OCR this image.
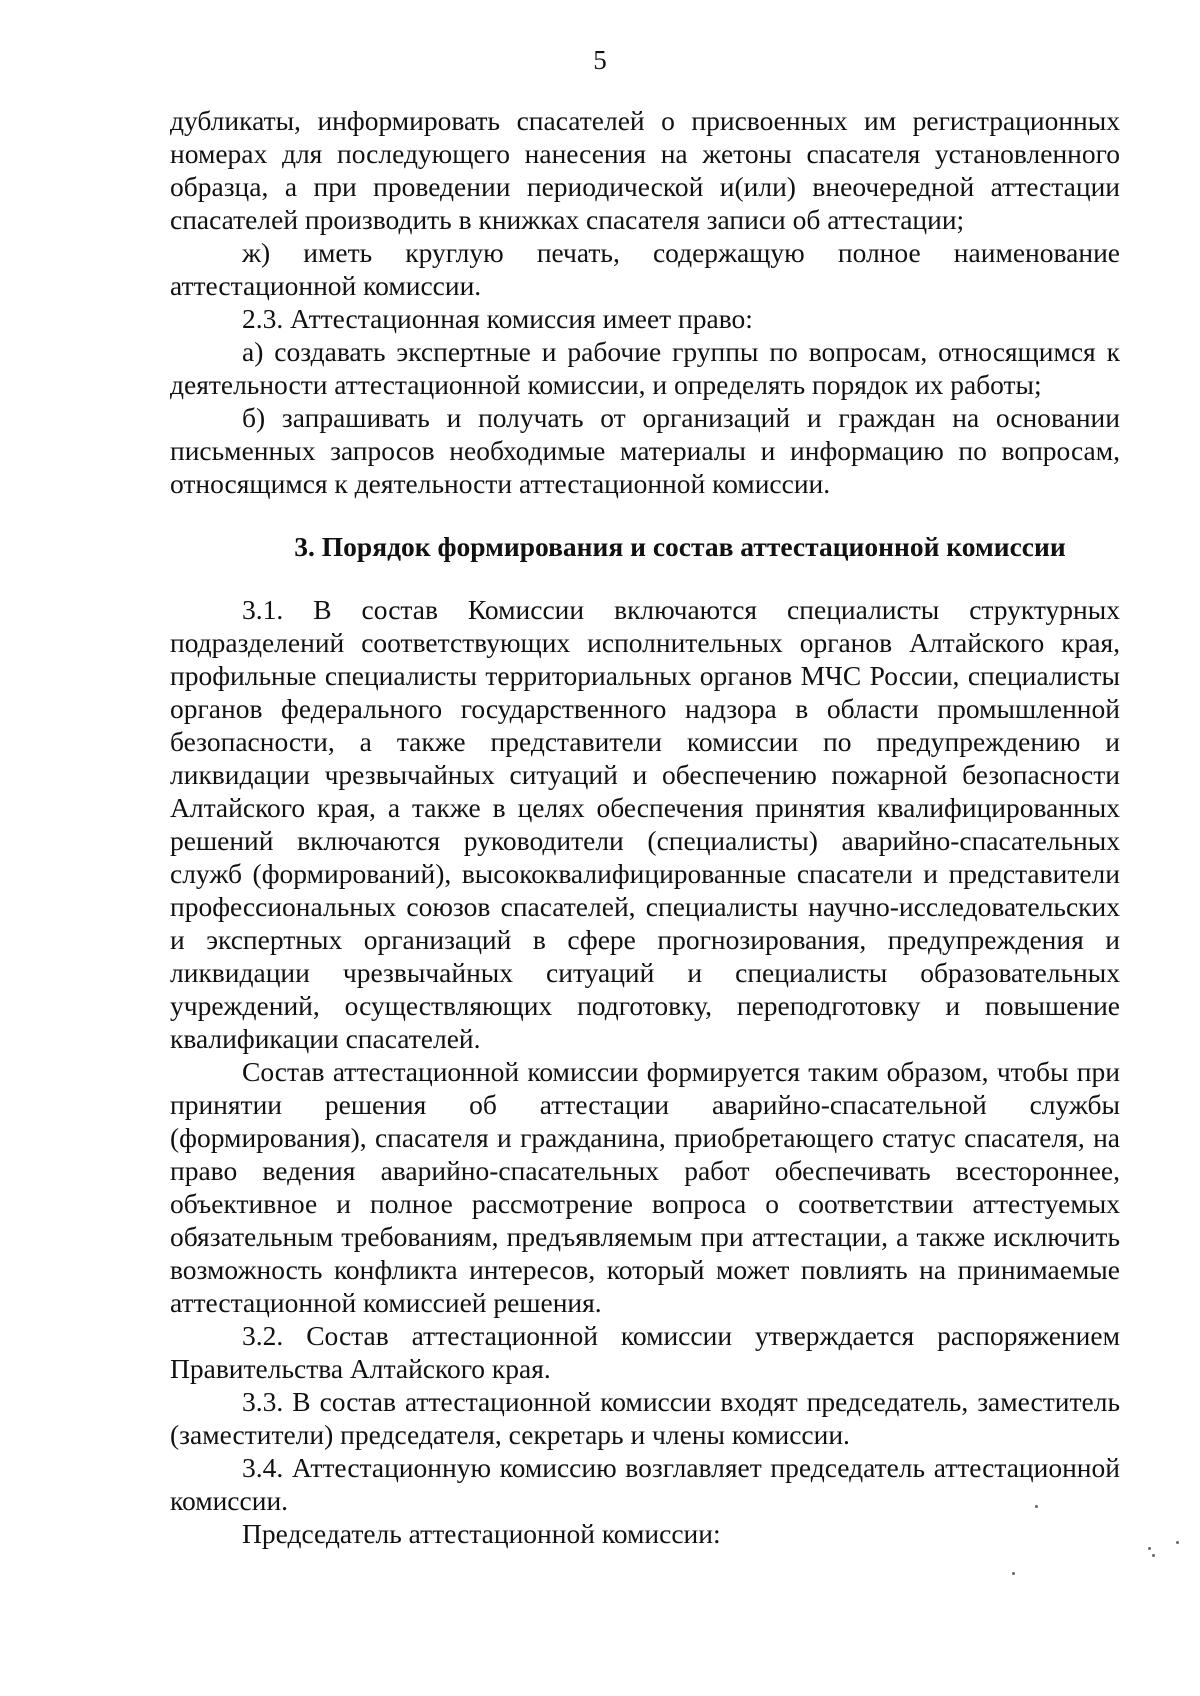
5

дубликаты, информировать спасателей о присвоенных им регистрационных номерах для последующего нанесения на жетоны спасателя установленного образца, а при проведении периодической и(или) внеочередной аттестации спасателей производить в книжках спасателя записи об аттестации;

ж) иметь круглую печать, содержащую полное наименование аттестационной комиссии.

2.3. Аттестационная комиссия имеет право:

а) создавать экспертные и рабочие группы по вопросам, относящимся к деятельности аттестационной комиссии, и определять порядок их работы;

б) запрашивать и получать от организаций и граждан на основании письменных запросов необходимые материалы и информацию по вопросам, относящимся к деятельности аттестационной комиссии.

3. Порядок формирования и состав аттестационной комиссии

3.1. В состав Комиссии включаются специалисты структурных подразделений соответствующих исполнительных органов Алтайского края, профильные специалисты территориальных органов МЧС России, специалисты органов федерального государственного надзора в области промышленной безопасности, а также представители комиссии по предупреждению и ликвидации чрезвычайных ситуаций и обеспечению пожарной безопасности Алтайского края, а также в целях обеспечения принятия квалифицированных решений включаются руководители (специалисты) аварийно-спасательных служб (формирований), высококвалифицированные спасатели и представители профессиональных союзов спасателей, специалисты научно-исследовательских и экспертных организаций в сфере прогнозирования, предупреждения и ликвидации чрезвычайных ситуаций и специалисты образовательных учреждений, осуществляющих подготовку, переподготовку и повышение квалификации спасателей.

Состав аттестационной комиссии формируется таким образом, чтобы при принятии решения об аттестации аварийно-спасательной службы (формирования), спасателя и гражданина, приобретающего статус спасателя, на право ведения аварийно-спасательных работ обеспечивать всестороннее, объективное и полное рассмотрение вопроса о соответствии аттестуемых обязательным требованиям, предъявляемым при аттестации, а также исключить возможность конфликта интересов, который может повлиять на принимаемые аттестационной комиссией решения.

3.2. Состав аттестационной комиссии утверждается распоряжением Правительства Алтайского края.

3.3. В состав аттестационной комиссии входят председатель, заместитель (заместители) председателя, секретарь и члены комиссии.

3.4. Аттестационную комиссию возглавляет председатель аттестационной комиссии.

Председатель аттестационной комиссии:
